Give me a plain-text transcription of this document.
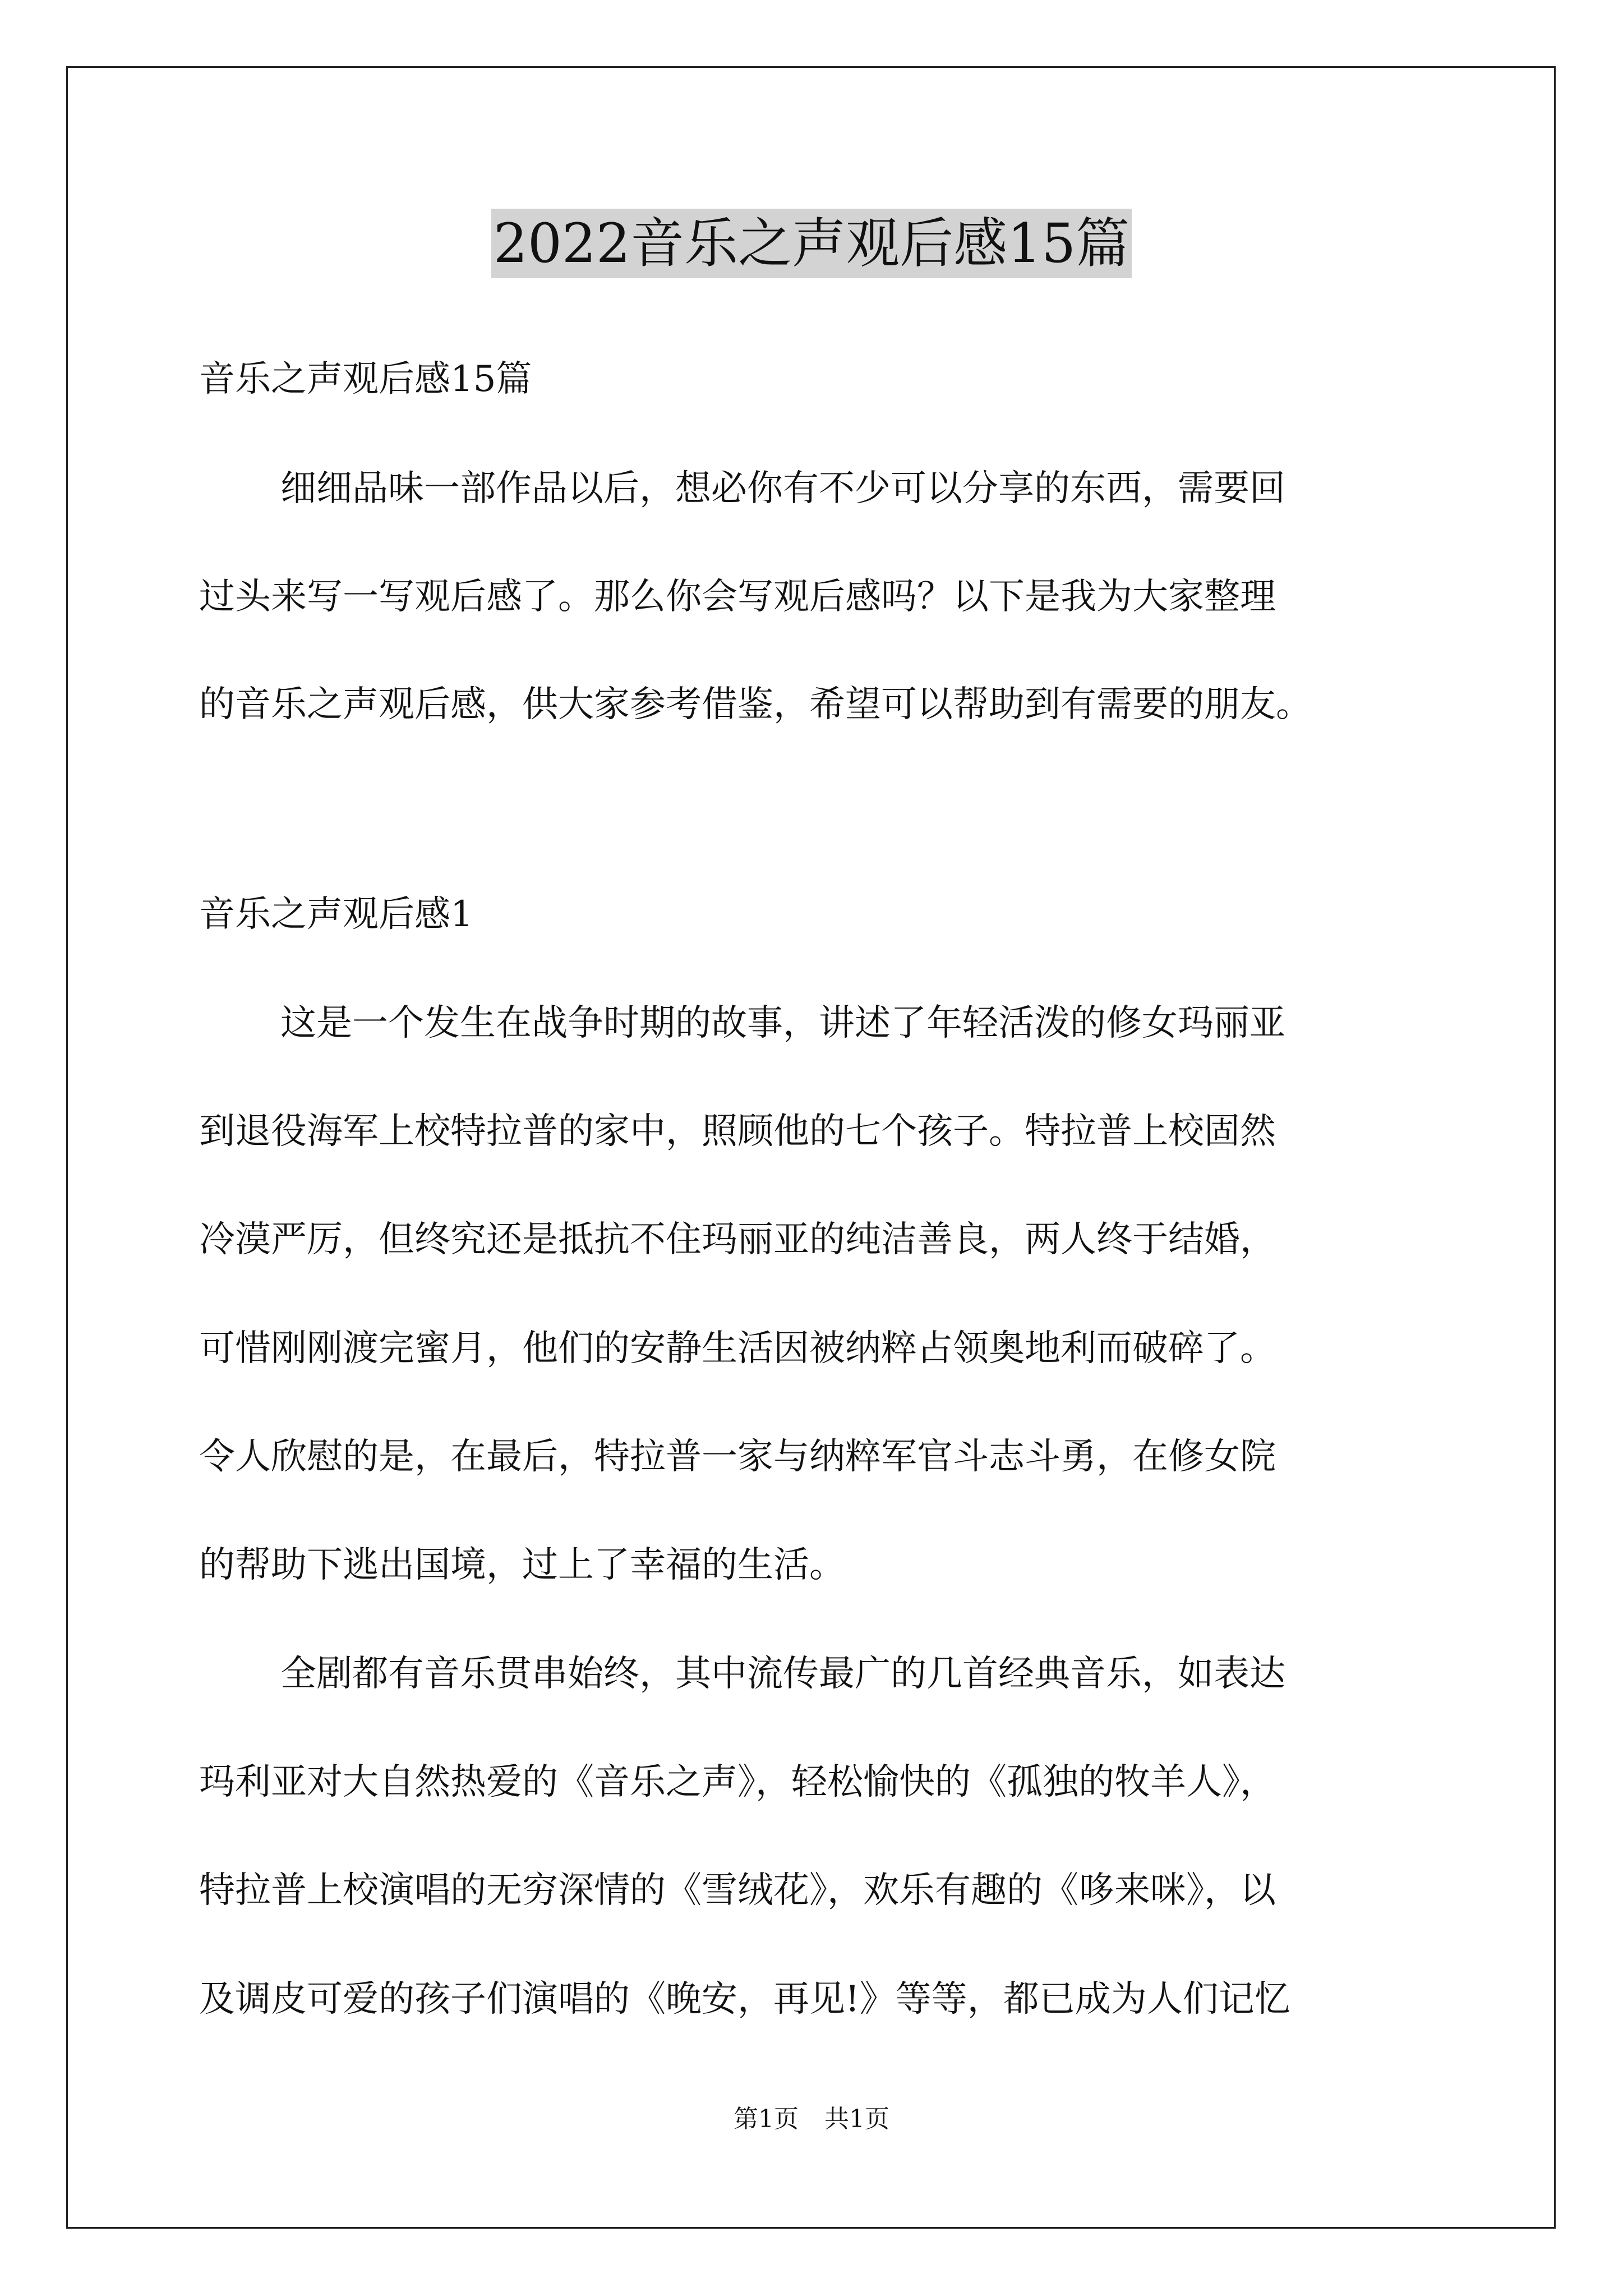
2022音乐之声观后感15篇
音乐之声观后感15篇
细细品味一部作品以后，想必你有不少可以分享的东西，需要回
过头来写一写观后感了。那么你会写观后感吗？以下是我为大家整理
的音乐之声观后感，供大家参考借鉴，希望可以帮助到有需要的朋友。
音乐之声观后感1
这是一个发生在战争时期的故事，讲述了年轻活泼的修女玛丽亚
到退役海军上校特拉普的家中，照顾他的七个孩子。特拉普上校固然
冷漠严厉，但终究还是抵抗不住玛丽亚的纯洁善良，两人终于结婚，
可惜刚刚渡完蜜月，他们的安静生活因被纳粹占领奥地利而破碎了。
令人欣慰的是，在最后，特拉普一家与纳粹军官斗志斗勇，在修女院
的帮助下逃出国境，过上了幸福的生活。
全剧都有音乐贯串始终，其中流传最广的几首经典音乐，如表达
玛利亚对大自然热爱的《音乐之声》，轻松愉快的《孤独的牧羊人》，
特拉普上校演唱的无穷深情的《雪绒花》，欢乐有趣的《哆来咪》，以
及调皮可爱的孩子们演唱的《晚安，再见!》等等，都已成为人们记忆
第1页 共1页
